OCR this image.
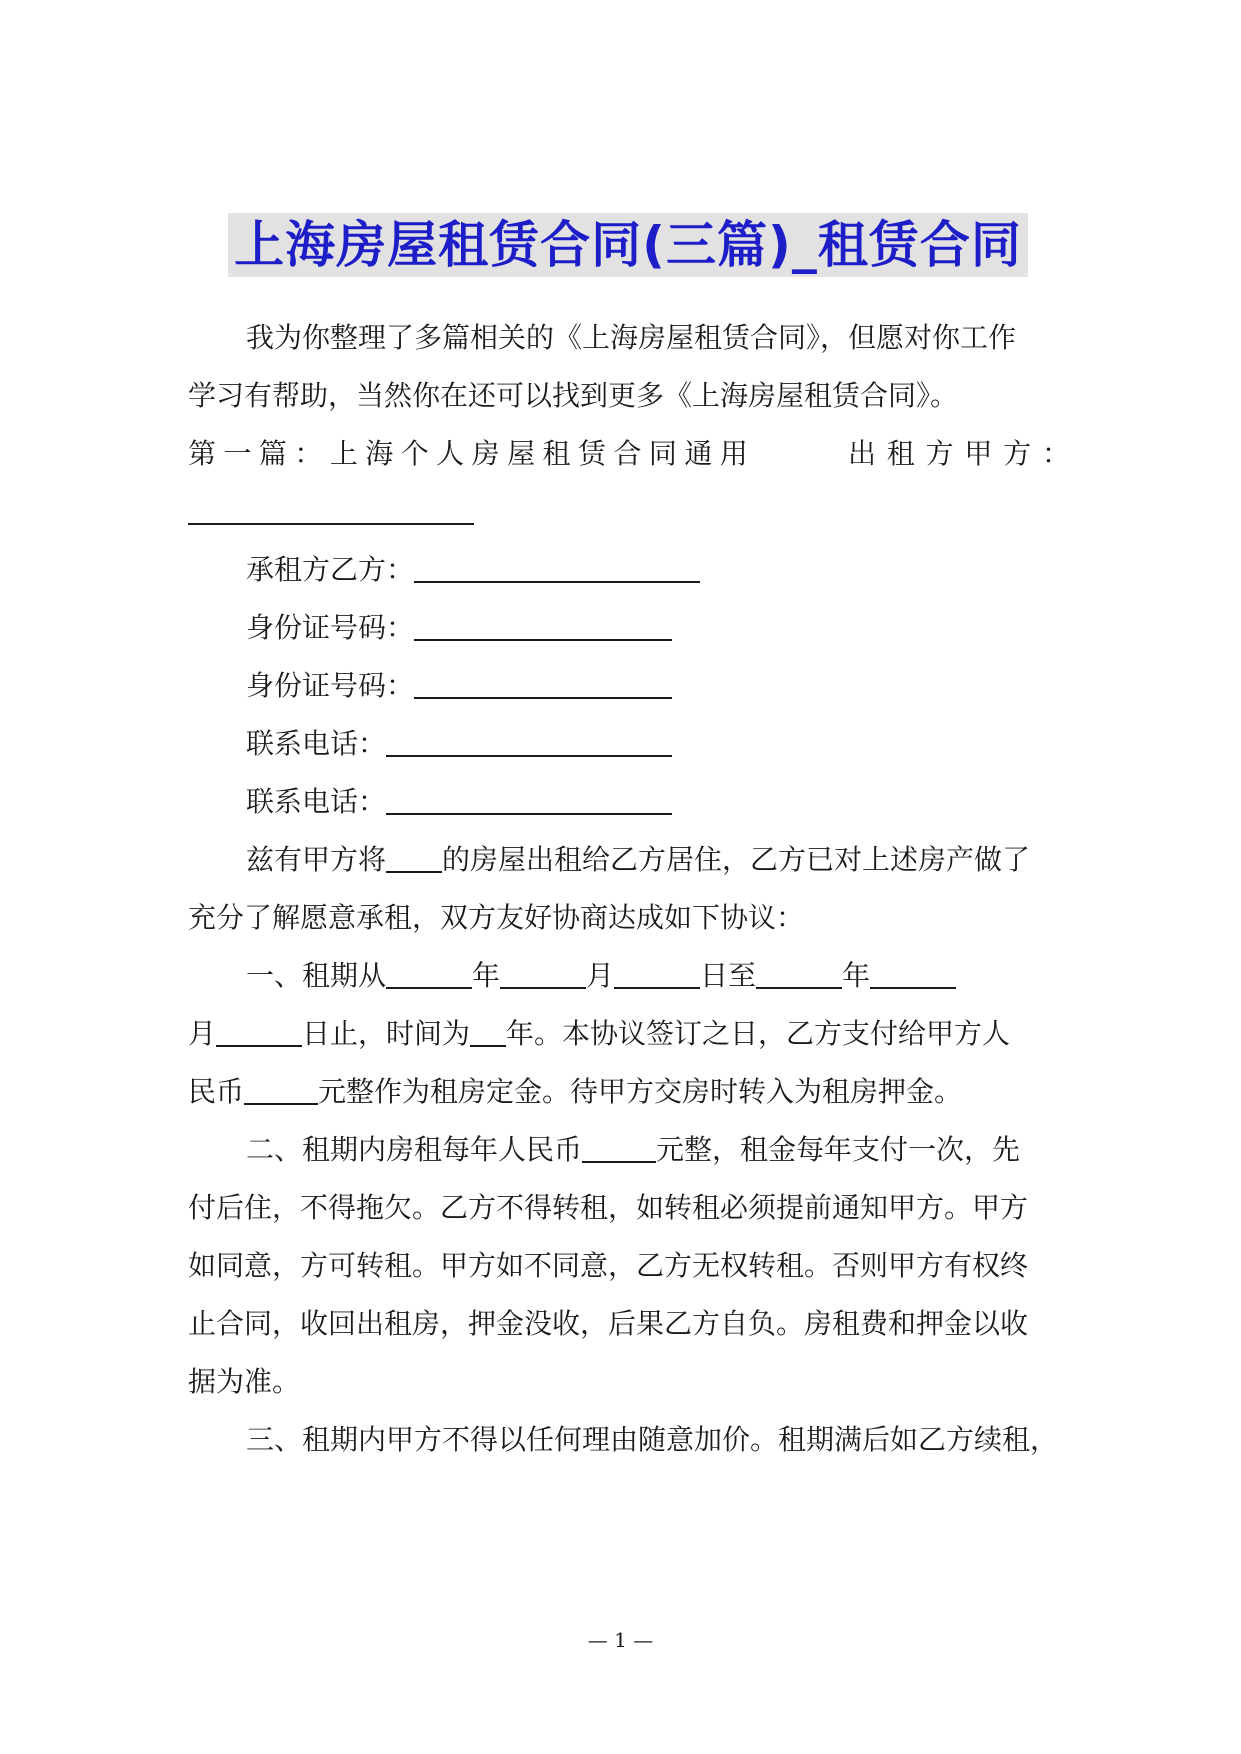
上海房屋租赁合同(三篇)_租赁合同
我为你整理了多篇相关的《上海房屋租赁合同》，但愿对你工作
学习有帮助，当然你在还可以找到更多《上海房屋租赁合同》。
第 一 篇 ： 上 海 个 人 房 屋 租 赁 合 同 通 用	出 租 方 甲 方 ：
承租方乙方：
身份证号码：
身份证号码：
联系电话：
联系电话：
兹有甲方将 的房屋出租给乙方居住，乙方已对上述房产做了
充分了解愿意承租，双方友好协商达成如下协议：
一、租期从	年	月	日至	年
月	日止，时间为 年。本协议签订之日，乙方支付给甲方人
民币	元整作为租房定金。待甲方交房时转入为租房押金。
二、租期内房租每年人民币	元整，租金每年支付一次，先
付后住，不得拖欠。乙方不得转租，如转租必须提前通知甲方。甲方
如同意，方可转租。甲方如不同意，乙方无权转租。否则甲方有权终
止合同，收回出租房，押金没收，后果乙方自负。房租费和押金以收
据为准。
三、租期内甲方不得以任何理由随意加价。租期满后如乙方续租，
— 1 —
